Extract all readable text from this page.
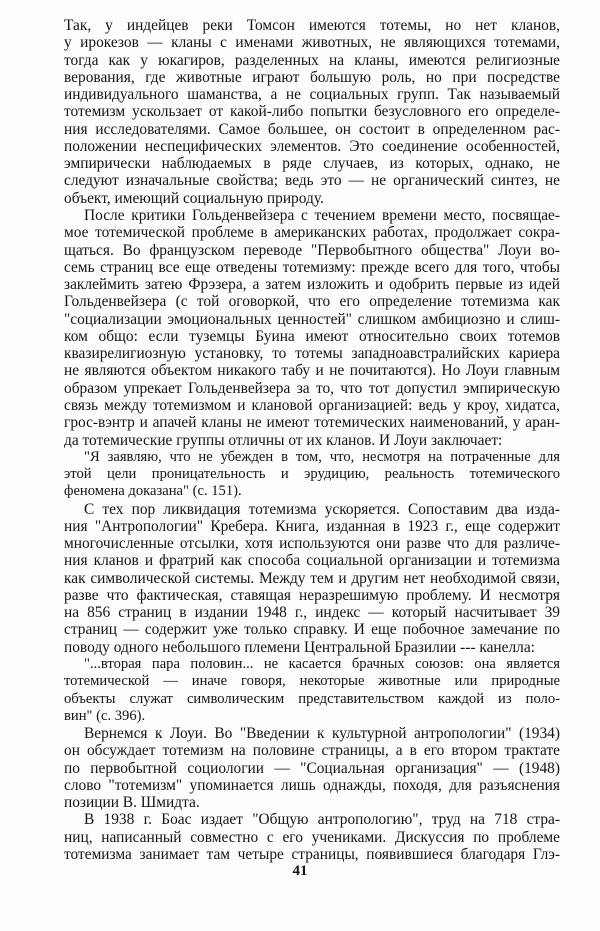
Так, у индейцев реки Томсон имеются тотемы, но нет кланов,
у ирокезов — кланы с именами животных, не являющихся тотемами,
тогда как у юкагиров, разделенных на кланы, имеются религиозные
верования, где животные играют большую роль, но при посредстве
индивидуального шаманства, а не социальных групп. Так называемый
тотемизм ускользает от какой-либо попытки безусловного его определе-
ния исследователями. Самое большее, он состоит в определенном рас-
положении неспецифических элементов. Это соединение особенностей,
эмпирически наблюдаемых в ряде случаев, из которых, однако, не
следуют изначальные свойства; ведь это — не органический синтез, не
объект, имеющий социальную природу.
После критики Гольденвейзера с течением времени место, посвящае-
мое тотемической проблеме в американских работах, продолжает сокра-
щаться. Во французском переводе "Первобытного общества" Лоуи во-
семь страниц все еще отведены тотемизму: прежде всего для того, чтобы
заклеймить затею Фрэзера, а затем изложить и одобрить первые из идей
Гольденвейзера (с той оговоркой, что его определение тотемизма как
"социализации эмоциональных ценностей" слишком амбициозно и слиш-
ком общо: если туземцы Буина имеют относительно своих тотемов
квазирелигиозную установку, то тотемы западноавстралийских кариера
не являются объектом никакого табу и не почитаются). Но Лоуи главным
образом упрекает Гольденвейзера за то, что тот допустил эмпирическую
связь между тотемизмом и клановой организацией: ведь у кроу, хидатса,
грос-вэнтр и апачей кланы не имеют тотемических наименований, у аран-
да тотемические группы отличны от их кланов. И Лоуи заключает:
"Я заявляю, что не убежден в том, что, несмотря на потраченные для
этой цели проницательность и эрудицию, реальность тотемического
феномена доказана" (с. 151).
С тех пор ликвидация тотемизма ускоряется. Сопоставим два изда-
ния "Антропологии" Кребера. Книга, изданная в 1923 г., еще содержит
многочисленные отсылки, хотя используются они разве что для различе-
ния кланов и фратрий как способа социальной организации и тотемизма
как символической системы. Между тем и другим нет необходимой связи,
разве что фактическая, ставящая неразрешимую проблему. И несмотря
на 856 страниц в издании 1948 г., индекс — который насчитывает 39
страниц — содержит уже только справку. И еще побочное замечание по
поводу одного небольшого племени Центральной Бразилии --- канелла:
"...вторая пара половин... не касается брачных союзов: она является
тотемической — иначе говоря, некоторые животные или природные
объекты служат символическим представительством каждой из поло-
вин" (с. 396).
Вернемся к Лоуи. Во "Введении к культурной антропологии" (1934)
он обсуждает тотемизм на половине страницы, а в его втором трактате
по первобытной социологии — "Социальная организация" — (1948)
слово "тотемизм" упоминается лишь однажды, походя, для разъяснения
позиции В. Шмидта.
В 1938 г. Боас издает "Общую антропологию", труд на 718 стра-
ниц, написанный совместно с его учениками. Дискуссия по проблеме
тотемизма занимает там четыре страницы, появившиеся благодаря Глэ-
41
